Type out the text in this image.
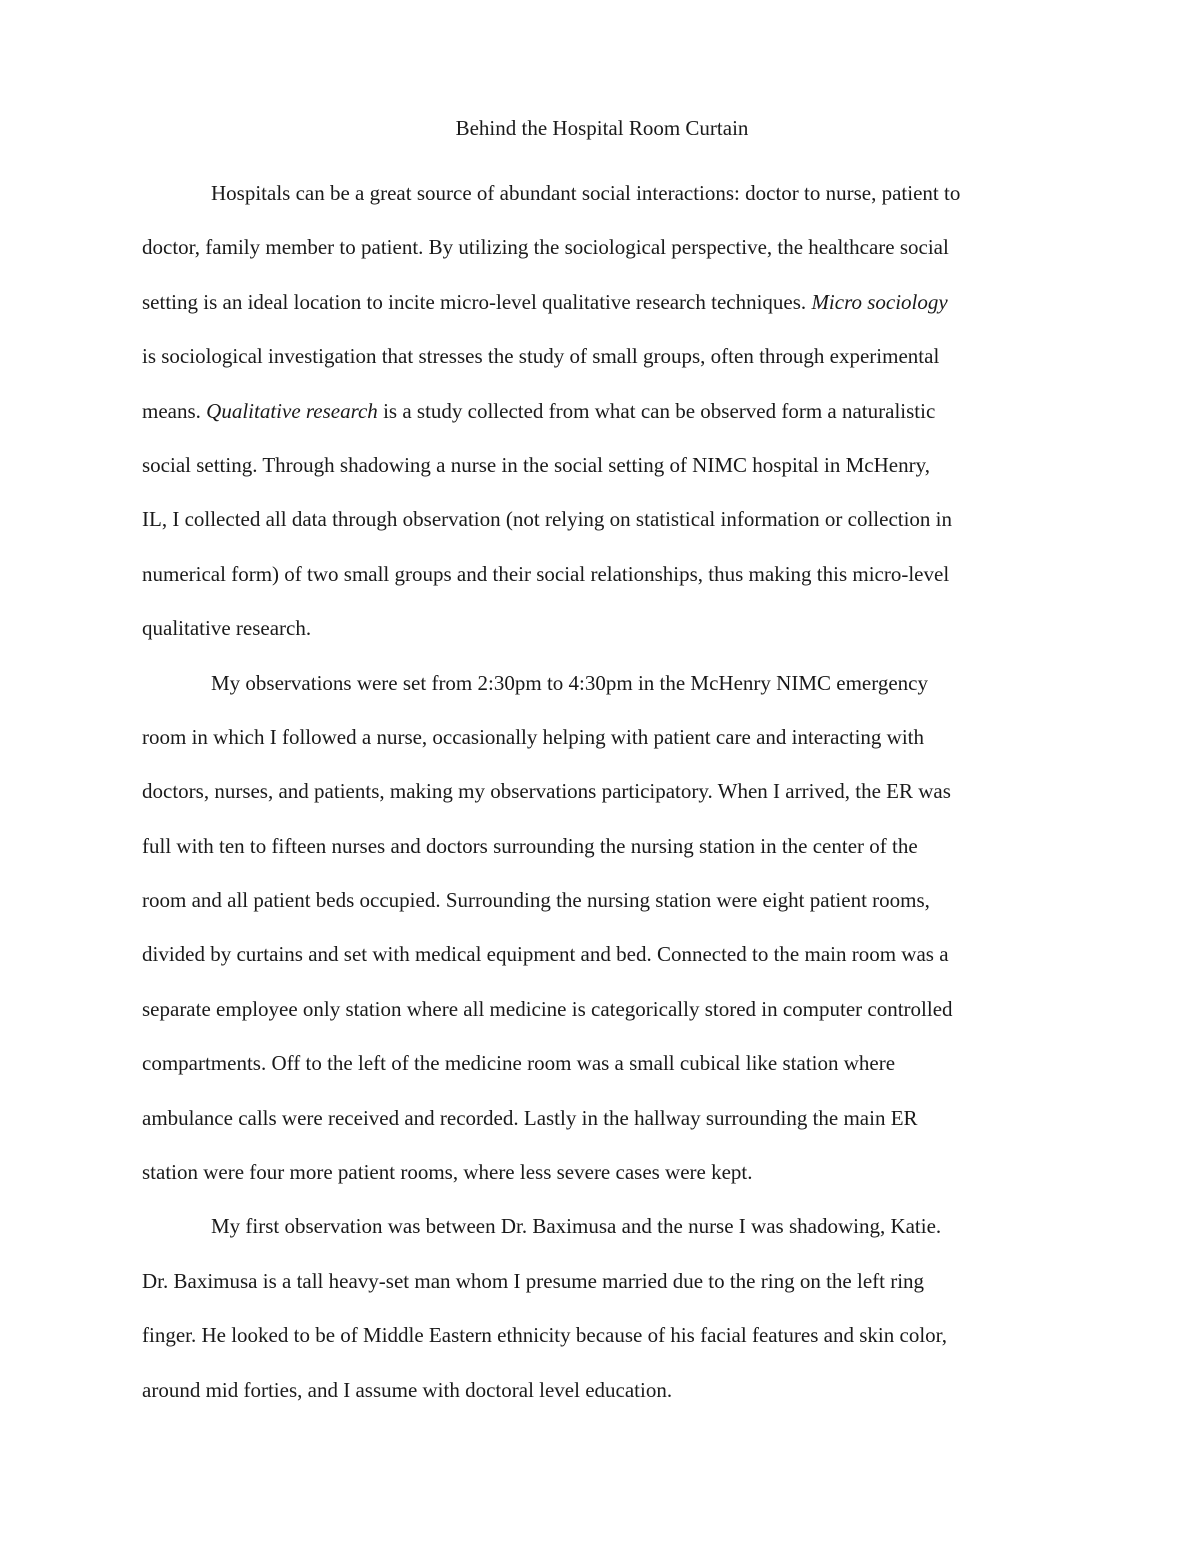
Behind the Hospital Room Curtain
Hospitals can be a great source of abundant social interactions: doctor to nurse, patient to
doctor, family member to patient. By utilizing the sociological perspective, the healthcare social
setting is an ideal location to incite micro-level qualitative research techniques. Micro sociology
is sociological investigation that stresses the study of small groups, often through experimental
means. Qualitative research is a study collected from what can be observed form a naturalistic
social setting. Through shadowing a nurse in the social setting of NIMC hospital in McHenry,
IL, I collected all data through observation (not relying on statistical information or collection in
numerical form) of two small groups and their social relationships, thus making this micro-level
qualitative research.
My observations were set from 2:30pm to 4:30pm in the McHenry NIMC emergency
room in which I followed a nurse, occasionally helping with patient care and interacting with
doctors, nurses, and patients, making my observations participatory. When I arrived, the ER was
full with ten to fifteen nurses and doctors surrounding the nursing station in the center of the
room and all patient beds occupied. Surrounding the nursing station were eight patient rooms,
divided by curtains and set with medical equipment and bed. Connected to the main room was a
separate employee only station where all medicine is categorically stored in computer controlled
compartments. Off to the left of the medicine room was a small cubical like station where
ambulance calls were received and recorded. Lastly in the hallway surrounding the main ER
station were four more patient rooms, where less severe cases were kept.
My first observation was between Dr. Baximusa and the nurse I was shadowing, Katie.
Dr. Baximusa is a tall heavy-set man whom I presume married due to the ring on the left ring
finger. He looked to be of Middle Eastern ethnicity because of his facial features and skin color,
around mid forties, and I assume with doctoral level education.
